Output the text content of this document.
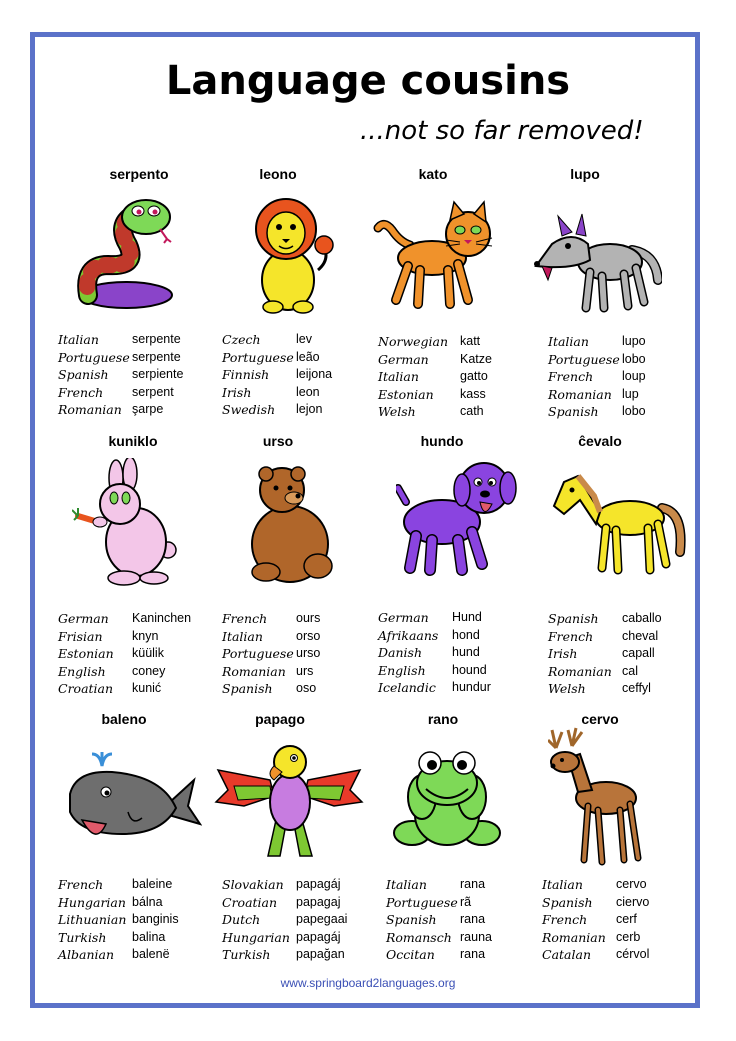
Language cousins
...not so far removed!
serpento
Italian	serpente
Portuguese serpente
Spanish	serpiente
French	serpent
Romanian şarpe
leono
Czech	lev
Portuguese leão
Finnish	leijona
Irish	leon
Swedish	lejon
kato
Norwegian katt
German	Katze
Italian	gatto
Estonian	kass
Welsh	cath
lupo
Italian	lupo
Portuguese lobo
French	loup
Romanian lup
Spanish	lobo
kuniklo
German	Kaninchen
Frisian	knyn
Estonian	küülik
English	coney
Croatian	kunić
urso
French	ours
Italian	orso
Portuguese urso
Romanian urs
Spanish	oso
hundo
German	Hund
Afrikaans	hond
Danish	hund
English	hound
Icelandic	hundur
ĉevalo
Spanish	caballo
French	cheval
Irish	capall
Romanian cal
Welsh	ceffyl
baleno
French	baleine
Hungarian bálna
Lithuanian banginis
Turkish	balina
Albanian	balenë
papago
Slovakian papagáj
Croatian	papagaj
Dutch	papegaai
Hungarian papagáj
Turkish	papağan
rano
Italian	rana
Portuguese rã
Spanish	rana
Romansch rauna
Occitan	rana
cervo
Italian	cervo
Spanish	ciervo
French	cerf
Romanian cerb
Catalan	cérvol
www.springboard2languages.org
